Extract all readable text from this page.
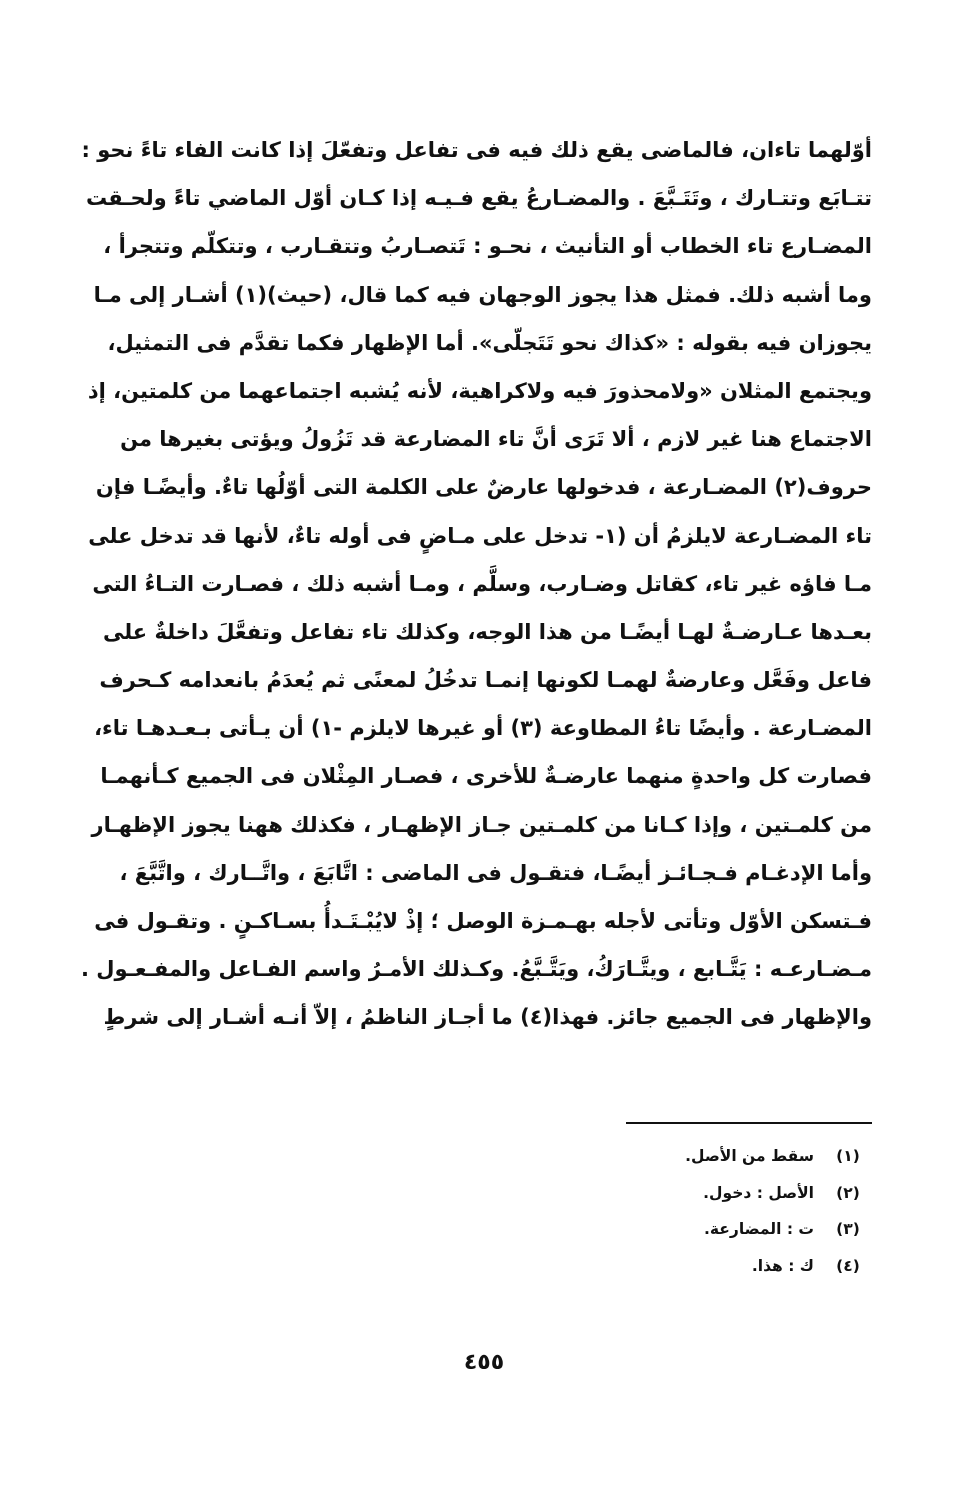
أوّلهما تاءان، فالماضى يقع ذلك فيه فى تفاعل وتفعّلَ إذا كانت الفاء تاءً نحو :
تتـابَع وتتـارك ، وتَتَـبَّعَ . والمضـارعُ يقع فـيـه إذا كـان أوّل الماضي تاءً ولحـقت
المضـارع تاء الخطاب أو التأنيث ، نحـو : تَتصـاربُ وتتقـارب ، وتتكلّم وتتجرأ ،
وما أشبه ذلك. فمثل هذا يجوز الوجهان فيه كما قال، (حيث)(١) أشـار إلى مـا
يجوزان فيه بقوله : «كذاك نحو تَتَجلّى». أما الإظهار فكما تقدَّم فى التمثيل،
ويجتمع المثلان «ولامحذورَ فيه ولاكراهية، لأنه يُشبه اجتماعهما من كلمتين، إذ
الاجتماع هنا غير لازم ، ألا تَرَى أنَّ تاء المضارعة قد تَزُولُ ويؤتى بغيرها من
حروف(٢) المضـارعة ، فدخولها عارضٌ على الكلمة التى أوّلُها تاءٌ. وأيضًـا فإن
تاء المضـارعة لايلزمُ أن (١- تدخل على مـاضٍ فى أوله تاءٌ، لأنها قد تدخل على
مـا فاؤه غير تاء، كقاتل وضـارب، وسلَّم ، ومـا أشبه ذلك ، فصـارت التـاءُ التى
بعـدها عـارضـةٌ لهـا أيضًـا من هذا الوجه، وكذلك تاء تفاعل وتفعَّلَ داخلةٌ على
فاعل وفَعَّل وعارضةٌ لهمـا لكونها إنمـا تدخُلُ لمعنًى ثم يُعدَمُ بانعدامه كـحرف
المضـارعة . وأيضًا تاءُ المطاوعة (٣) أو غيرها لايلزم -١) أن يـأتى بـعـدهـا تاء،
فصارت كل واحدةٍ منهما عارضـةٌ للأخرى ، فصـار المِثْلان فى الجميع كـأنهمـا
من كلمـتين ، وإذا كـانا من كلمـتين جـاز الإظهـار ، فكذلك ههنا يجوز الإظهـار
وأما الإدغـام فـجـائـز أيضًـا، فتقـول فى الماضى : اتَّابَعَ ، واتَّــارك ، واتَّبَّعَ ،
فـتسكن الأوّل وتأتى لأجله بهـمـزة الوصل ؛ إذْ لايُبْـتَـدأُ بسـاكـنٍ . وتقـول فى
مـضـارعـه : يَتَّـابع ، ويتَّـارَكُ، ويَتَّـبَّعُ. وكـذلك الأمـرُ واسم الفـاعل والمفـعـول .
والإظهار فى الجميع جائز. فهذا(٤) ما أجـاز الناظمُ ، إلاّ أنـه أشـار إلى شرطٍ
(١)
سقط من الأصل.
(٢)
الأصل : دخول.
(٣)
ت : المضارعة.
(٤)
ك : هذا.
٤٥٥
